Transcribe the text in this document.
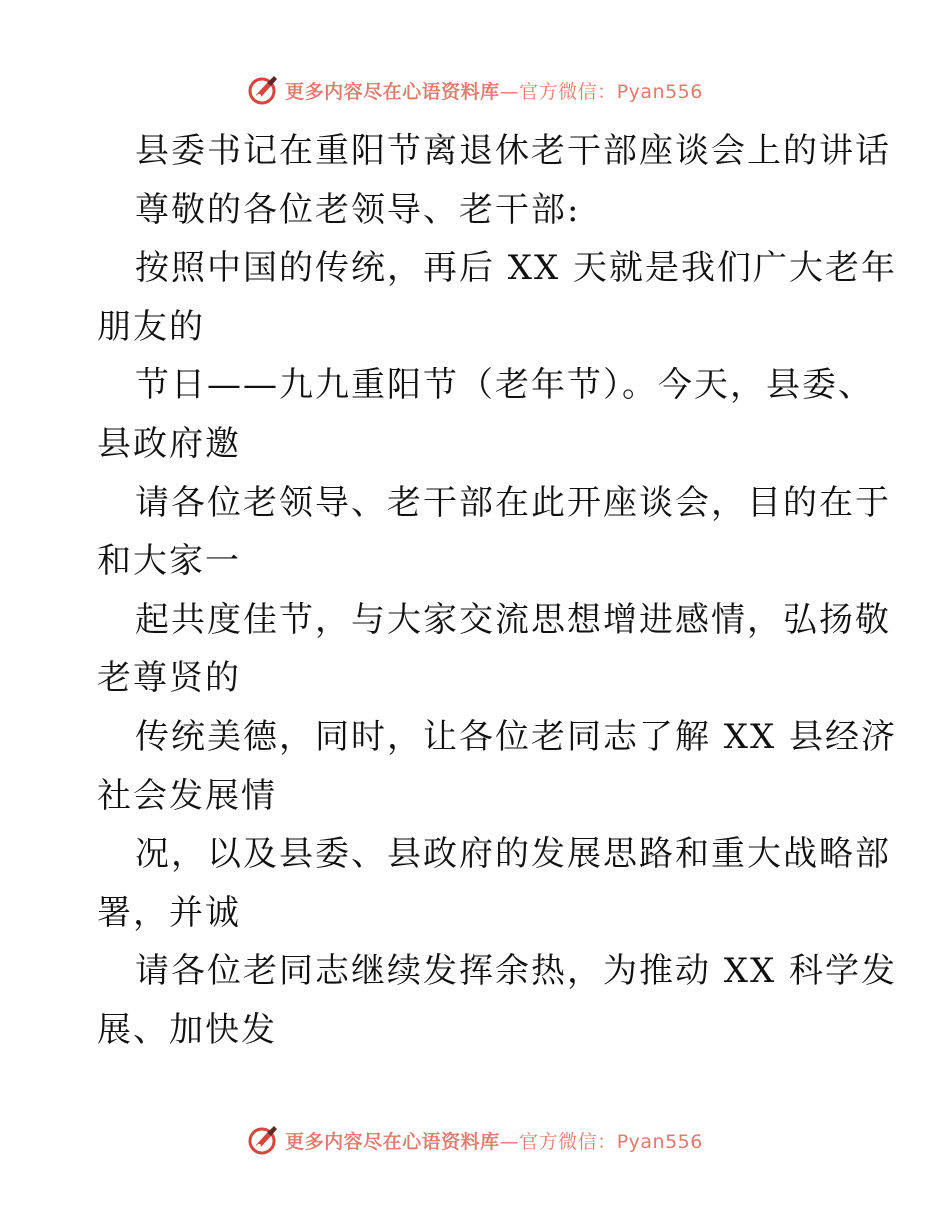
更多内容尽在心语资料库—官方微信：Pyan556
县委书记在重阳节离退休老干部座谈会上的讲话
尊敬的各位老领导、老干部:
按照中国的传统，再后 XX 天就是我们广大老年
朋友的
节日——九九重阳节（老年节）。今天，县委、
县政府邀
请各位老领导、老干部在此开座谈会，目的在于
和大家一
起共度佳节，与大家交流思想增进感情，弘扬敬
老尊贤的
传统美德，同时，让各位老同志了解 XX 县经济
社会发展情
况，以及县委、县政府的发展思路和重大战略部
署，并诚
请各位老同志继续发挥余热，为推动 XX 科学发
展、加快发
更多内容尽在心语资料库—官方微信：Pyan556
